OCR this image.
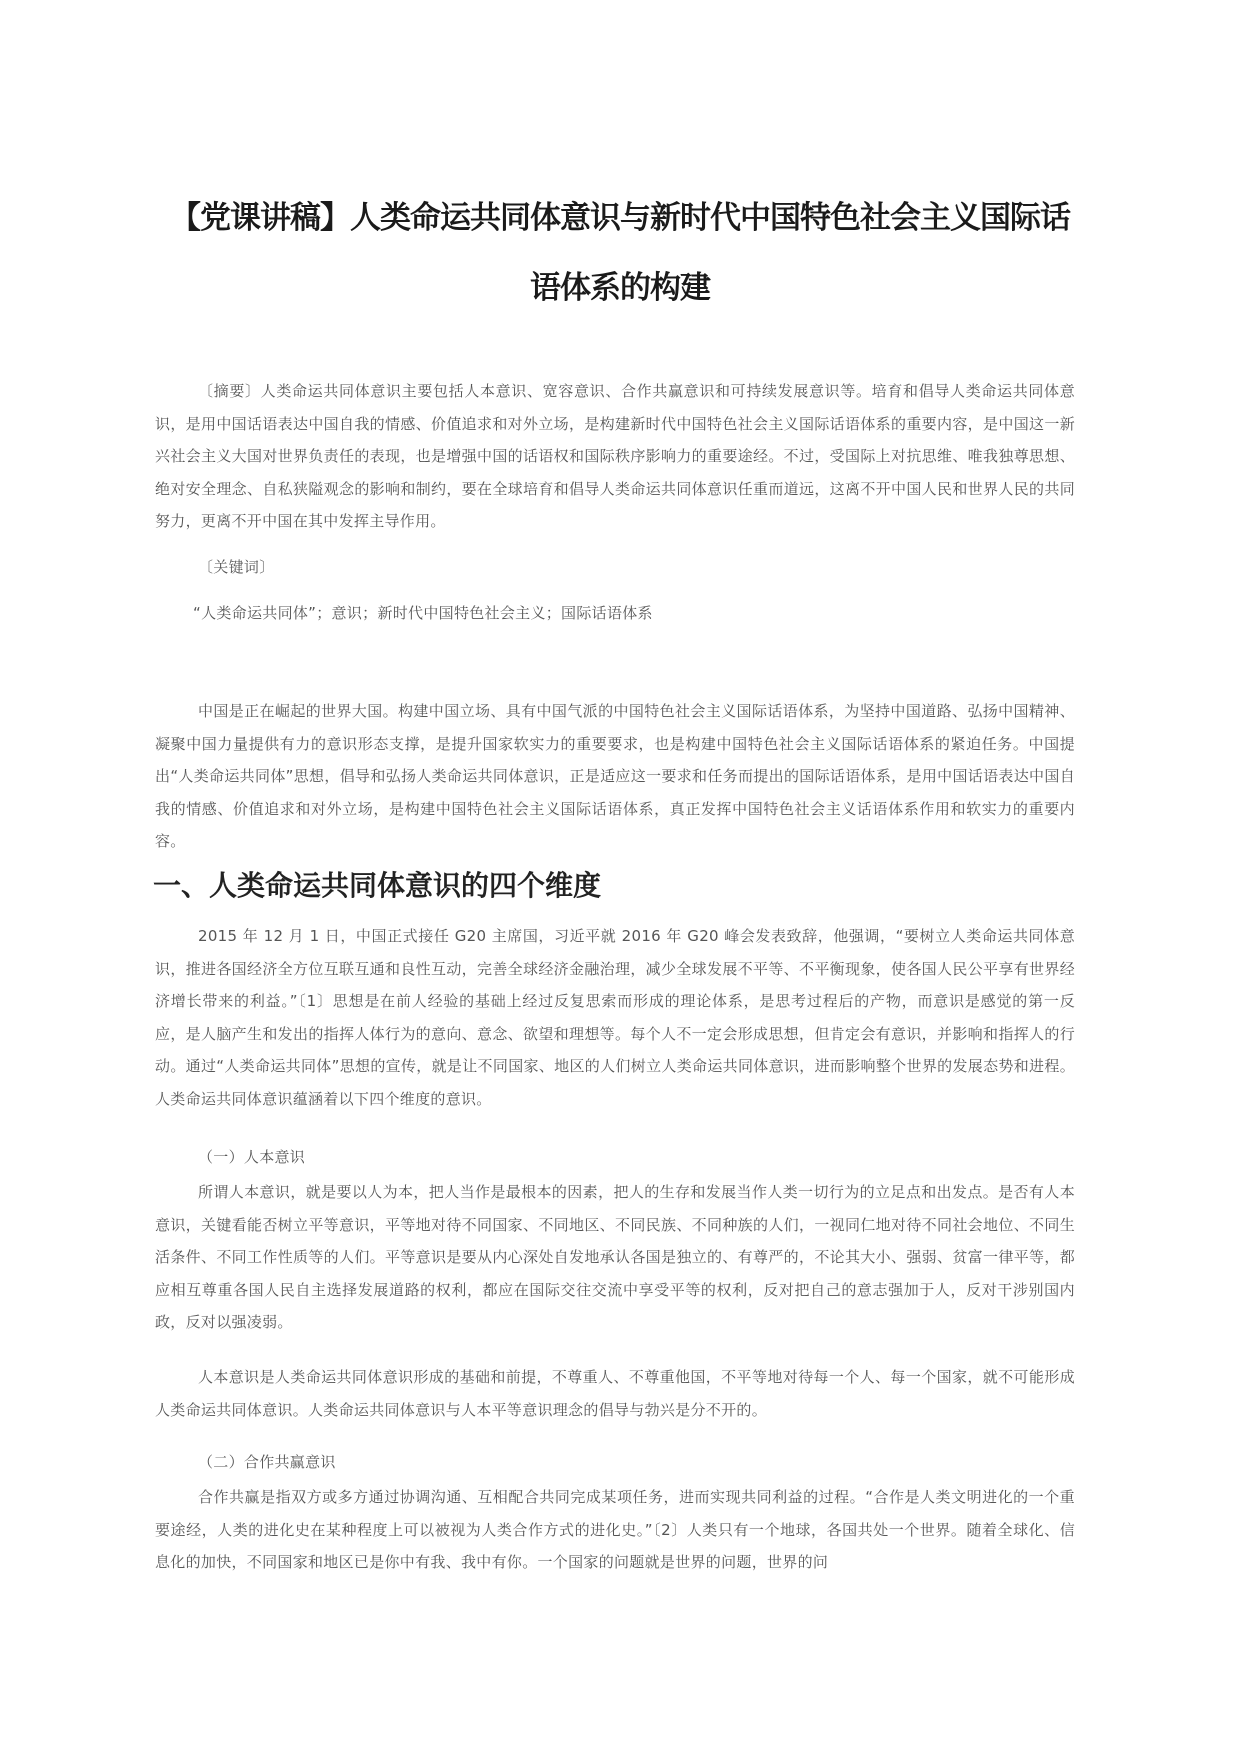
【党课讲稿】人类命运共同体意识与新时代中国特色社会主义国际话
语体系的构建

〔摘要〕人类命运共同体意识主要包括人本意识、宽容意识、合作共赢意识和可持续发展意识等。培育和倡导人类命运共同体意识，是用中国话语表达中国自我的情感、价值追求和对外立场，是构建新时代中国特色社会主义国际话语体系的重要内容，是中国这一新兴社会主义大国对世界负责任的表现，也是增强中国的话语权和国际秩序影响力的重要途经。不过，受国际上对抗思维、唯我独尊思想、绝对安全理念、自私狭隘观念的影响和制约，要在全球培育和倡导人类命运共同体意识任重而道远，这离不开中国人民和世界人民的共同努力，更离不开中国在其中发挥主导作用。

〔关键词〕

“人类命运共同体”；意识；新时代中国特色社会主义；国际话语体系

中国是正在崛起的世界大国。构建中国立场、具有中国气派的中国特色社会主义国际话语体系，为坚持中国道路、弘扬中国精神、凝聚中国力量提供有力的意识形态支撑，是提升国家软实力的重要要求，也是构建中国特色社会主义国际话语体系的紧迫任务。中国提出“人类命运共同体”思想，倡导和弘扬人类命运共同体意识，正是适应这一要求和任务而提出的国际话语体系，是用中国话语表达中国自我的情感、价值追求和对外立场，是构建中国特色社会主义国际话语体系，真正发挥中国特色社会主义话语体系作用和软实力的重要内容。

一、人类命运共同体意识的四个维度

2015 年 12 月 1 日，中国正式接任 G20 主席国，习近平就 2016 年 G20 峰会发表致辞，他强调，“要树立人类命运共同体意识，推进各国经济全方位互联互通和良性互动，完善全球经济金融治理，减少全球发展不平等、不平衡现象，使各国人民公平享有世界经济增长带来的利益。”〔1〕思想是在前人经验的基础上经过反复思索而形成的理论体系，是思考过程后的产物，而意识是感觉的第一反应，是人脑产生和发出的指挥人体行为的意向、意念、欲望和理想等。每个人不一定会形成思想，但肯定会有意识，并影响和指挥人的行动。通过“人类命运共同体”思想的宣传，就是让不同国家、地区的人们树立人类命运共同体意识，进而影响整个世界的发展态势和进程。人类命运共同体意识蕴涵着以下四个维度的意识。

（一）人本意识

所谓人本意识，就是要以人为本，把人当作是最根本的因素，把人的生存和发展当作人类一切行为的立足点和出发点。是否有人本意识，关键看能否树立平等意识，平等地对待不同国家、不同地区、不同民族、不同种族的人们，一视同仁地对待不同社会地位、不同生活条件、不同工作性质等的人们。平等意识是要从内心深处自发地承认各国是独立的、有尊严的，不论其大小、强弱、贫富一律平等，都应相互尊重各国人民自主选择发展道路的权利，都应在国际交往交流中享受平等的权利，反对把自己的意志强加于人，反对干涉别国内政，反对以强凌弱。

人本意识是人类命运共同体意识形成的基础和前提，不尊重人、不尊重他国，不平等地对待每一个人、每一个国家，就不可能形成人类命运共同体意识。人类命运共同体意识与人本平等意识理念的倡导与勃兴是分不开的。

（二）合作共赢意识

合作共赢是指双方或多方通过协调沟通、互相配合共同完成某项任务，进而实现共同利益的过程。“合作是人类文明进化的一个重要途经，人类的进化史在某种程度上可以被视为人类合作方式的进化史。”〔2〕人类只有一个地球，各国共处一个世界。随着全球化、信息化的加快，不同国家和地区已是你中有我、我中有你。一个国家的问题就是世界的问题，世界的问
